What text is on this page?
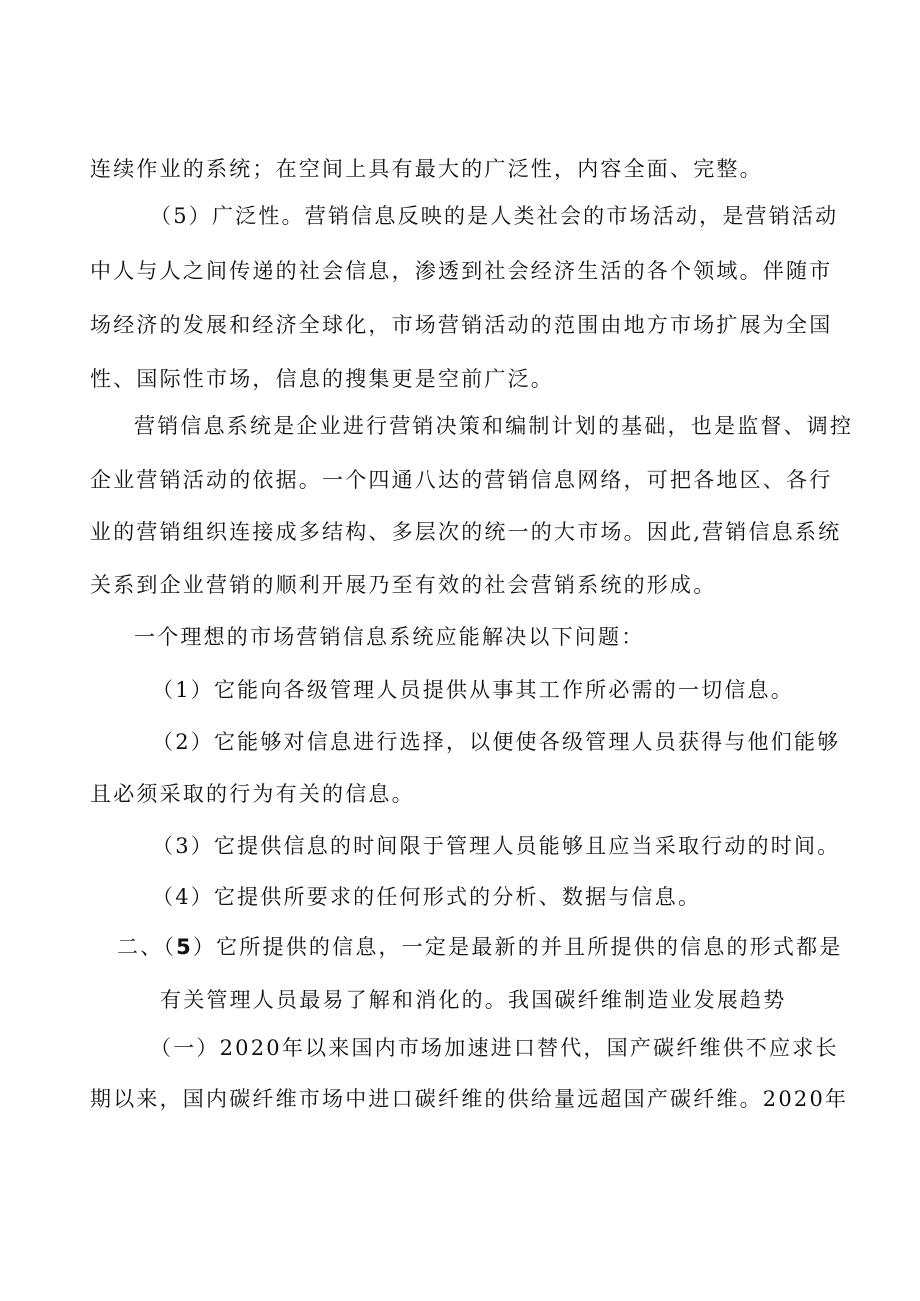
连续作业的系统；在空间上具有最大的广泛性，内容全面、完整。
（5）广泛性。营销信息反映的是人类社会的市场活动，是营销活动
中人与人之间传递的社会信息，渗透到社会经济生活的各个领域。伴随市
场经济的发展和经济全球化，市场营销活动的范围由地方市场扩展为全国
性、国际性市场，信息的搜集更是空前广泛。
营销信息系统是企业进行营销决策和编制计划的基础，也是监督、调控
企业营销活动的依据。一个四通八达的营销信息网络，可把各地区、各行
业的营销组织连接成多结构、多层次的统一的大市场。因此,营销信息系统
关系到企业营销的顺利开展乃至有效的社会营销系统的形成。
一个理想的市场营销信息系统应能解决以下问题：
（1）它能向各级管理人员提供从事其工作所必需的一切信息。
（2）它能够对信息进行选择，以便使各级管理人员获得与他们能够
且必须采取的行为有关的信息。
（3）它提供信息的时间限于管理人员能够且应当采取行动的时间。
（4）它提供所要求的任何形式的分析、数据与信息。
二、（5）它所提供的信息，一定是最新的并且所提供的信息的形式都是
有关管理人员最易了解和消化的。我国碳纤维制造业发展趋势
（一）2020年以来国内市场加速进口替代，国产碳纤维供不应求长
期以来，国内碳纤维市场中进口碳纤维的供给量远超国产碳纤维。2020年
